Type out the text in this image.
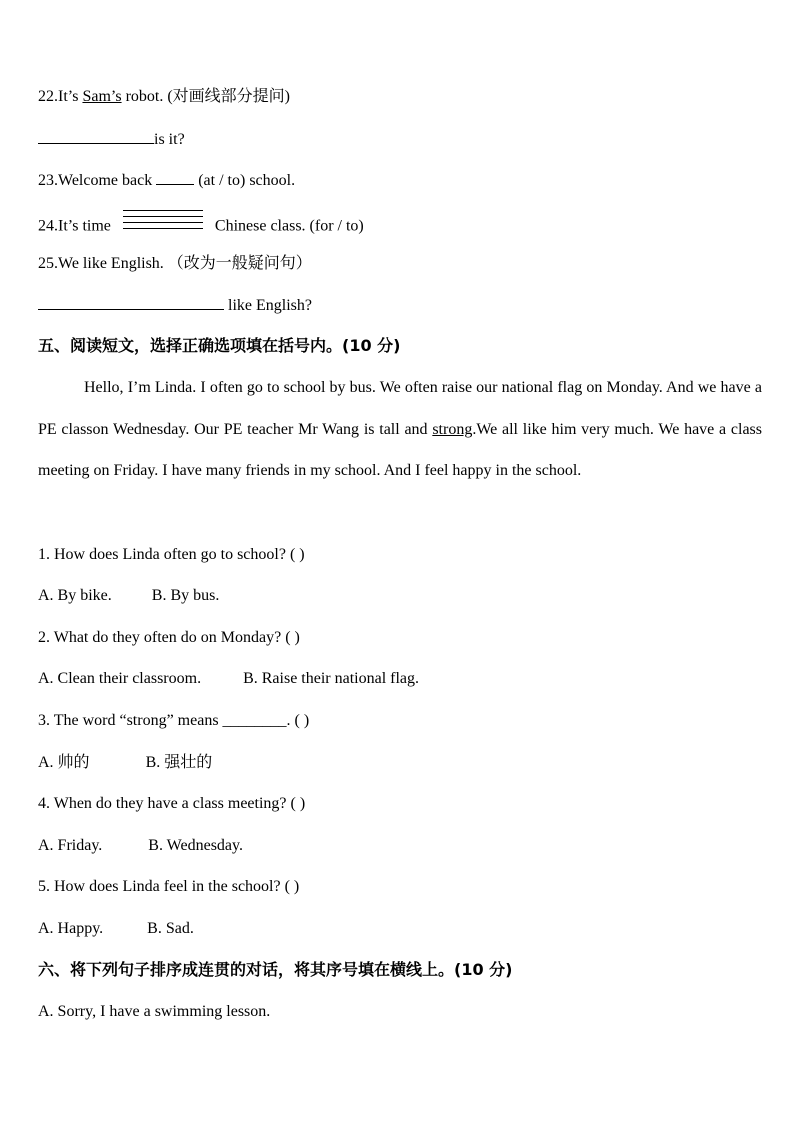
22.It’s Sam’s robot. (对画线部分提问)
is it?
23.Welcome back  (at / to) school.
24.It’s time	Chinese class. (for / to)
25.We like English. （改为一般疑问句）
like English?
五、阅读短文，选择正确选项填在括号内。(10 分)
Hello, I’m Linda. I often go to school by bus. We often raise our national flag on Monday. And we have a PE classon Wednesday. Our PE teacher Mr Wang is tall and strong.We all like him very much. We have a class meeting on Friday. I have many friends in my school. And I feel happy in the school.
1. How does Linda often go to school? ( )
A. By bike.	B. By bus.
2. What do they often do on Monday? ( )
A. Clean their classroom.	B. Raise their national flag.
3. The word “strong” means ________. ( )
A. 帅的	B. 强壮的
4. When do they have a class meeting? ( )
A. Friday.	B. Wednesday.
5. How does Linda feel in the school? ( )
A. Happy.	B. Sad.
六、将下列句子排序成连贯的对话，将其序号填在横线上。(10 分)
A. Sorry, I have a swimming lesson.
